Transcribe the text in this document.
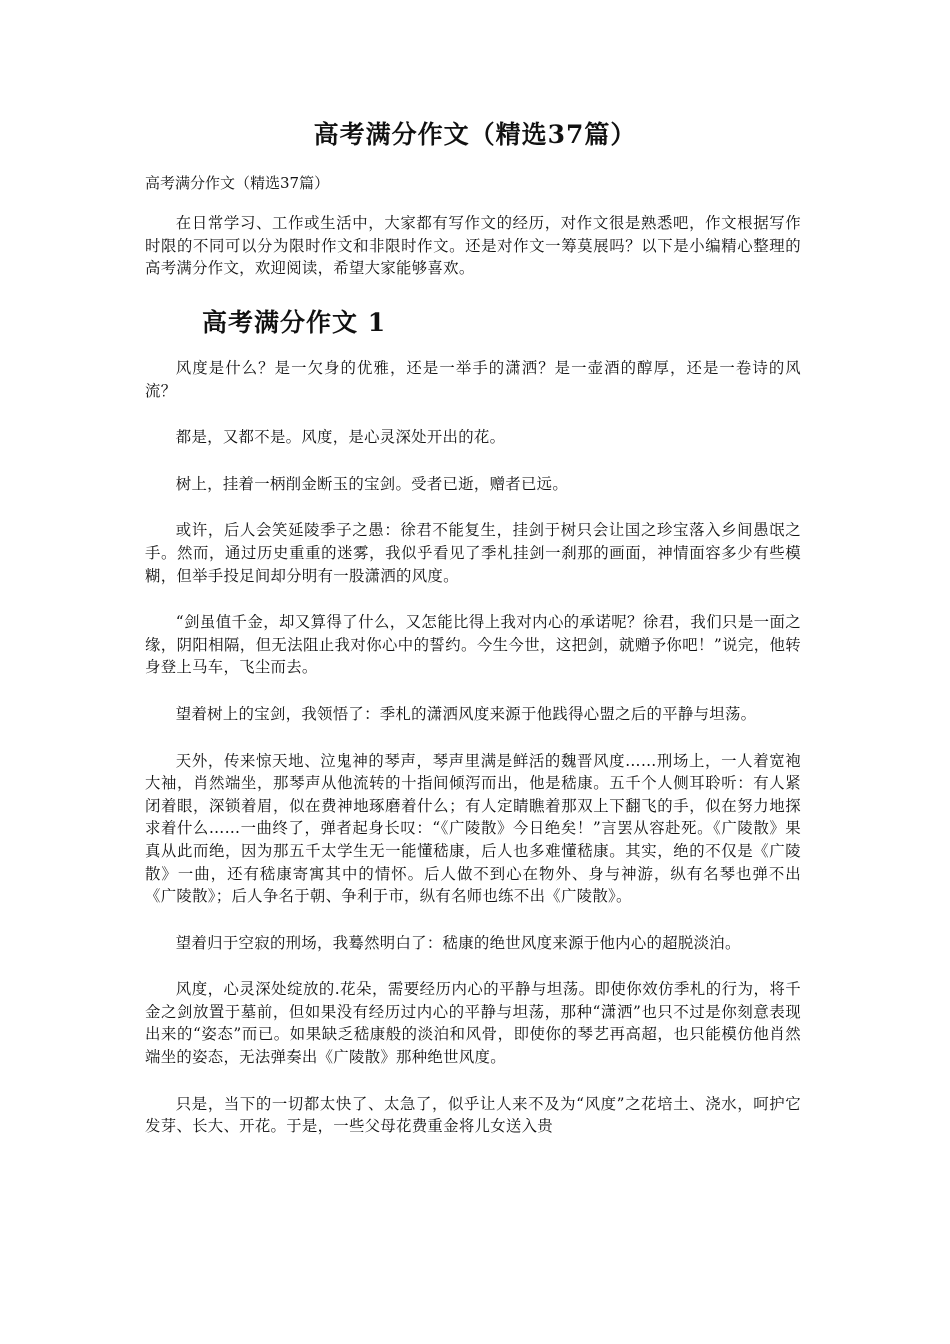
高考满分作文（精选37篇）

高考满分作文（精选37篇）

在日常学习、工作或生活中，大家都有写作文的经历，对作文很是熟悉吧，作文根据写作时限的不同可以分为限时作文和非限时作文。还是对作文一筹莫展吗？以下是小编精心整理的高考满分作文，欢迎阅读，希望大家能够喜欢。

高考满分作文 1

风度是什么？是一欠身的优雅，还是一举手的潇洒？是一壶酒的醇厚，还是一卷诗的风流？

都是，又都不是。风度，是心灵深处开出的花。

树上，挂着一柄削金断玉的宝剑。受者已逝，赠者已远。

或许，后人会笑延陵季子之愚：徐君不能复生，挂剑于树只会让国之珍宝落入乡间愚氓之手。然而，通过历史重重的迷雾，我似乎看见了季札挂剑一刹那的画面，神情面容多少有些模糊，但举手投足间却分明有一股潇洒的风度。

“剑虽值千金，却又算得了什么，又怎能比得上我对内心的承诺呢？徐君，我们只是一面之缘，阴阳相隔，但无法阻止我对你心中的誓约。今生今世，这把剑，就赠予你吧！”说完，他转身登上马车，飞尘而去。

望着树上的宝剑，我领悟了：季札的潇洒风度来源于他践得心盟之后的平静与坦荡。

天外，传来惊天地、泣鬼神的琴声，琴声里满是鲜活的魏晋风度……刑场上，一人着宽袍大袖，肖然端坐，那琴声从他流转的十指间倾泻而出，他是嵇康。五千个人侧耳聆听：有人紧闭着眼，深锁着眉，似在费神地琢磨着什么；有人定睛瞧着那双上下翻飞的手，似在努力地探求着什么……一曲终了，弹者起身长叹：“《广陵散》今日绝矣！”言罢从容赴死。《广陵散》果真从此而绝，因为那五千太学生无一能懂嵇康，后人也多难懂嵇康。其实，绝的不仅是《广陵散》一曲，还有嵇康寄寓其中的情怀。后人做不到心在物外、身与神游，纵有名琴也弹不出《广陵散》；后人争名于朝、争利于市，纵有名师也练不出《广陵散》。

望着归于空寂的刑场，我蓦然明白了：嵇康的绝世风度来源于他内心的超脱淡泊。

风度，心灵深处绽放的.花朵，需要经历内心的平静与坦荡。即使你效仿季札的行为，将千金之剑放置于墓前，但如果没有经历过内心的平静与坦荡，那种“潇洒”也只不过是你刻意表现出来的“姿态”而已。如果缺乏嵇康般的淡泊和风骨，即使你的琴艺再高超，也只能模仿他肖然端坐的姿态，无法弹奏出《广陵散》那种绝世风度。

只是，当下的一切都太快了、太急了，似乎让人来不及为“风度”之花培土、浇水，呵护它发芽、长大、开花。于是，一些父母花费重金将儿女送入贵
